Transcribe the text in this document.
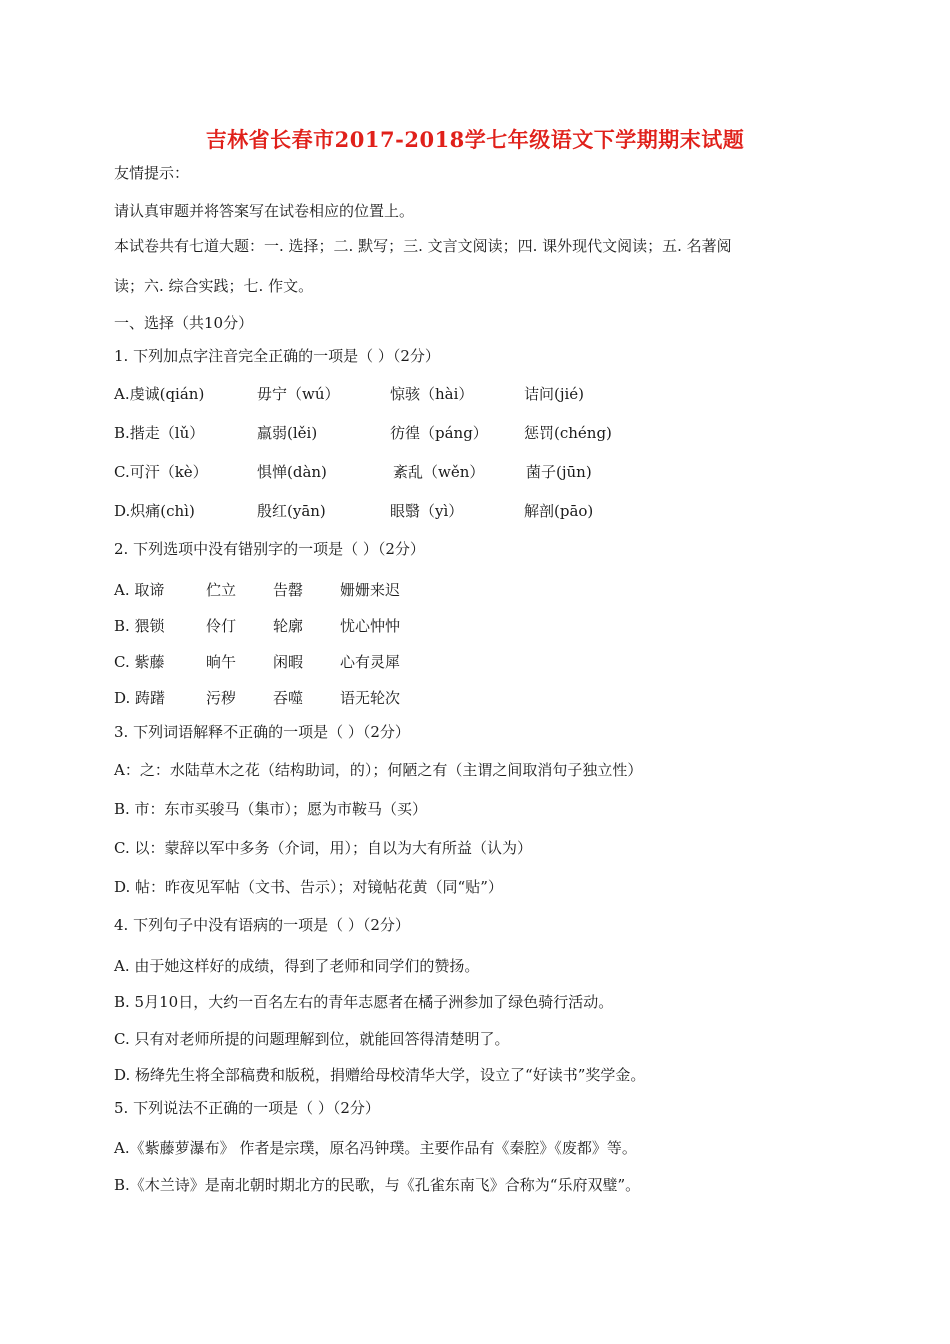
吉林省长春市2017-2018学七年级语文下学期期末试题
友情提示：
请认真审题并将答案写在试卷相应的位置上。
本试卷共有七道大题：一. 选择；二. 默写；三. 文言文阅读；四. 课外现代文阅读；五. 名著阅
读；六. 综合实践；七. 作文。
一、选择（共10分）
1. 下列加点字注音完全正确的一项是（ ）（2分）
A.虔诚(qián)	毋宁（wú）	惊骇（hài）	诘问(jié)
B.揩走（lǔ）	羸弱(lěi)	彷徨（páng） 惩罚(chéng)
C.可汗（kè）	惧惮(dàn)	紊乱（wěn）	菌子(jūn)
D.炽痛(chì)	殷红(yān)	眼翳（yì）	解剖(pāo)
2. 下列选项中没有错别字的一项是（ ）（2分）
A. 取谛	伫立 告罄 姗姗来迟
B. 猥锁	伶仃 轮廓 忧心忡忡
C. 紫藤	晌午 闲暇 心有灵犀
D. 踌躇	污秽 吞噬 语无轮次
3. 下列词语解释不正确的一项是（ ）（2分）
A：之：水陆草木之花（结构助词，的）；何陋之有（主谓之间取消句子独立性）
B. 市：东市买骏马（集市）；愿为市鞍马（买）
C. 以：蒙辞以军中多务（介词，用）；自以为大有所益（认为）
D. 帖：昨夜见军帖（文书、告示）；对镜帖花黄（同“贴”）
4. 下列句子中没有语病的一项是（ ）（2分）
A. 由于她这样好的成绩，得到了老师和同学们的赞扬。
B. 5月10日，大约一百名左右的青年志愿者在橘子洲参加了绿色骑行活动。
C. 只有对老师所提的问题理解到位，就能回答得清楚明了。
D. 杨绛先生将全部稿费和版税，捐赠给母校清华大学，设立了“好读书”奖学金。
5. 下列说法不正确的一项是（ ）（2分）
A.《紫藤萝瀑布》 作者是宗璞，原名冯钟璞。主要作品有《秦腔》《废都》等。
B.《木兰诗》是南北朝时期北方的民歌，与《孔雀东南飞》合称为“乐府双璧”。
